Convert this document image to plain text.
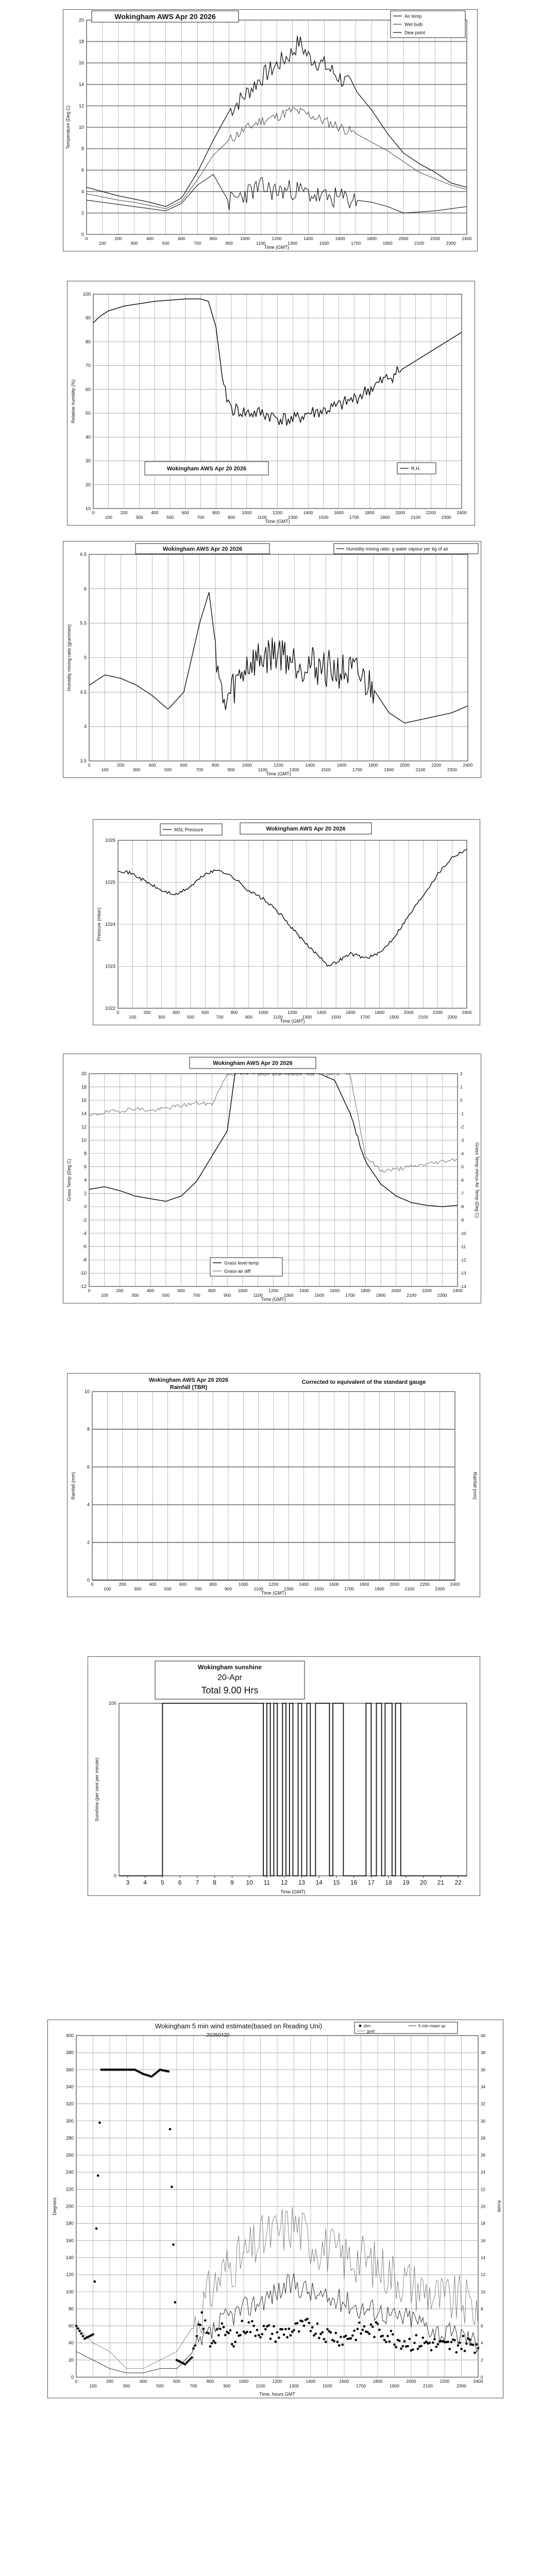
0
2
4
6
8
10
12
14
16
18
20
0
100
200
300
400
500
600
700
800
900
1000
1100
1200
1300
1400
1500
1600
1700
1800
1900
2000
2100
2200
2300
2400
Time (GMT)
Temperature (Deg C)
Wokingham AWS Apr 20 2026	Air temp
Wet bulb
Dew point
10
20
30
40
50
60
70
80
90
100
0
100
200
300
400
500
600
700
800
900
1000
1100
1200
1300
1400
1500
1600
1700
1800
1900
2000
2100
2200
2300
2400
Time (GMT)
Relative humidity (%)
Wokingham AWS Apr 20 2026	R.H.
3.5
4
4.5
5
5.5
6
6.5
0
100
200
300
400
500
600
700
800
900
1000
1100
1200
1300
1400
1500
1600
1700
1800
1900
2000
2100
2200
2300
2400
Time (GMT)
Humidity mixing ratio (grammes)
Wokingham AWS Apr 20 2026	Humidity mixing ratio: g water vapour per kg of air
1022
1023
1024
1025
1026
0
100
200
300
400
500
600
700
800
900
1000
1100
1200
1300
1400
1500
1600
1700
1800
1900
2000
2100
2200
2300
2400
Time (GMT)
Pressure (mbar)
MSL Pressure	Wokingham AWS Apr 20 2026
-12
-10
-8
-6
-4
-2
0
2
4
6
8
10
12
14
16
18
20
0
100
200
300
400
500
600
700
800
900
1000
1100
1200
1300
1400
1500
1600
1700
1800
1900
2000
2100
2200
2300
2400
Time (GMT)
Grass Temp (Deg C)
-14
-13
-12
-11
-10
-9
-8
-7
-6
-5
-4
-3
-2
-1
0
1
2
Grass Temp minus Air Temp (Deg C)
Wokingham AWS Apr 20 2026
Grass level temp
Grass-air diff
0
2
4
6
8
10
0
100
200
300
400
500
600
700
800
900
1000
1100
1200
1300
1400
1500
1600
1700
1800
1900
2000
2100
2200
2300
2400
Time (GMT)
Rainfall (mm)	Rainfall (mm)
Wokingham AWS Apr 20 2026
Rainfall (TBR)
Corrected to equivalent of the standard gauge
0
100
3 4 5 6 7 8 9 10 11 12 13 14 15 16 17 18 19 20 21 22
Time (GMT)
Sunshine (per cent per minute)
Wokingham sunshine
20-Apr
Total 9.00 Hrs
0
20
40
60
80
100
120
140
160
180
200
220
240
260
280
300
320
340
360
380
400
0
100
200
300
400
500
600
700
800
900
1000
1100
1200
1300
1400
1500
1600
1700
1800
1900
2000
2100
2200
2300
2400
Time, hours GMT
Degrees
0
2
4
6
8
10
12
14
16
18
20
22
24
26
28
30
32
34
36
38
40
Knots
Wokingham 5 min wind estimate(based on Reading Uni)
20260420
dirn	5 min mean sp
gust
